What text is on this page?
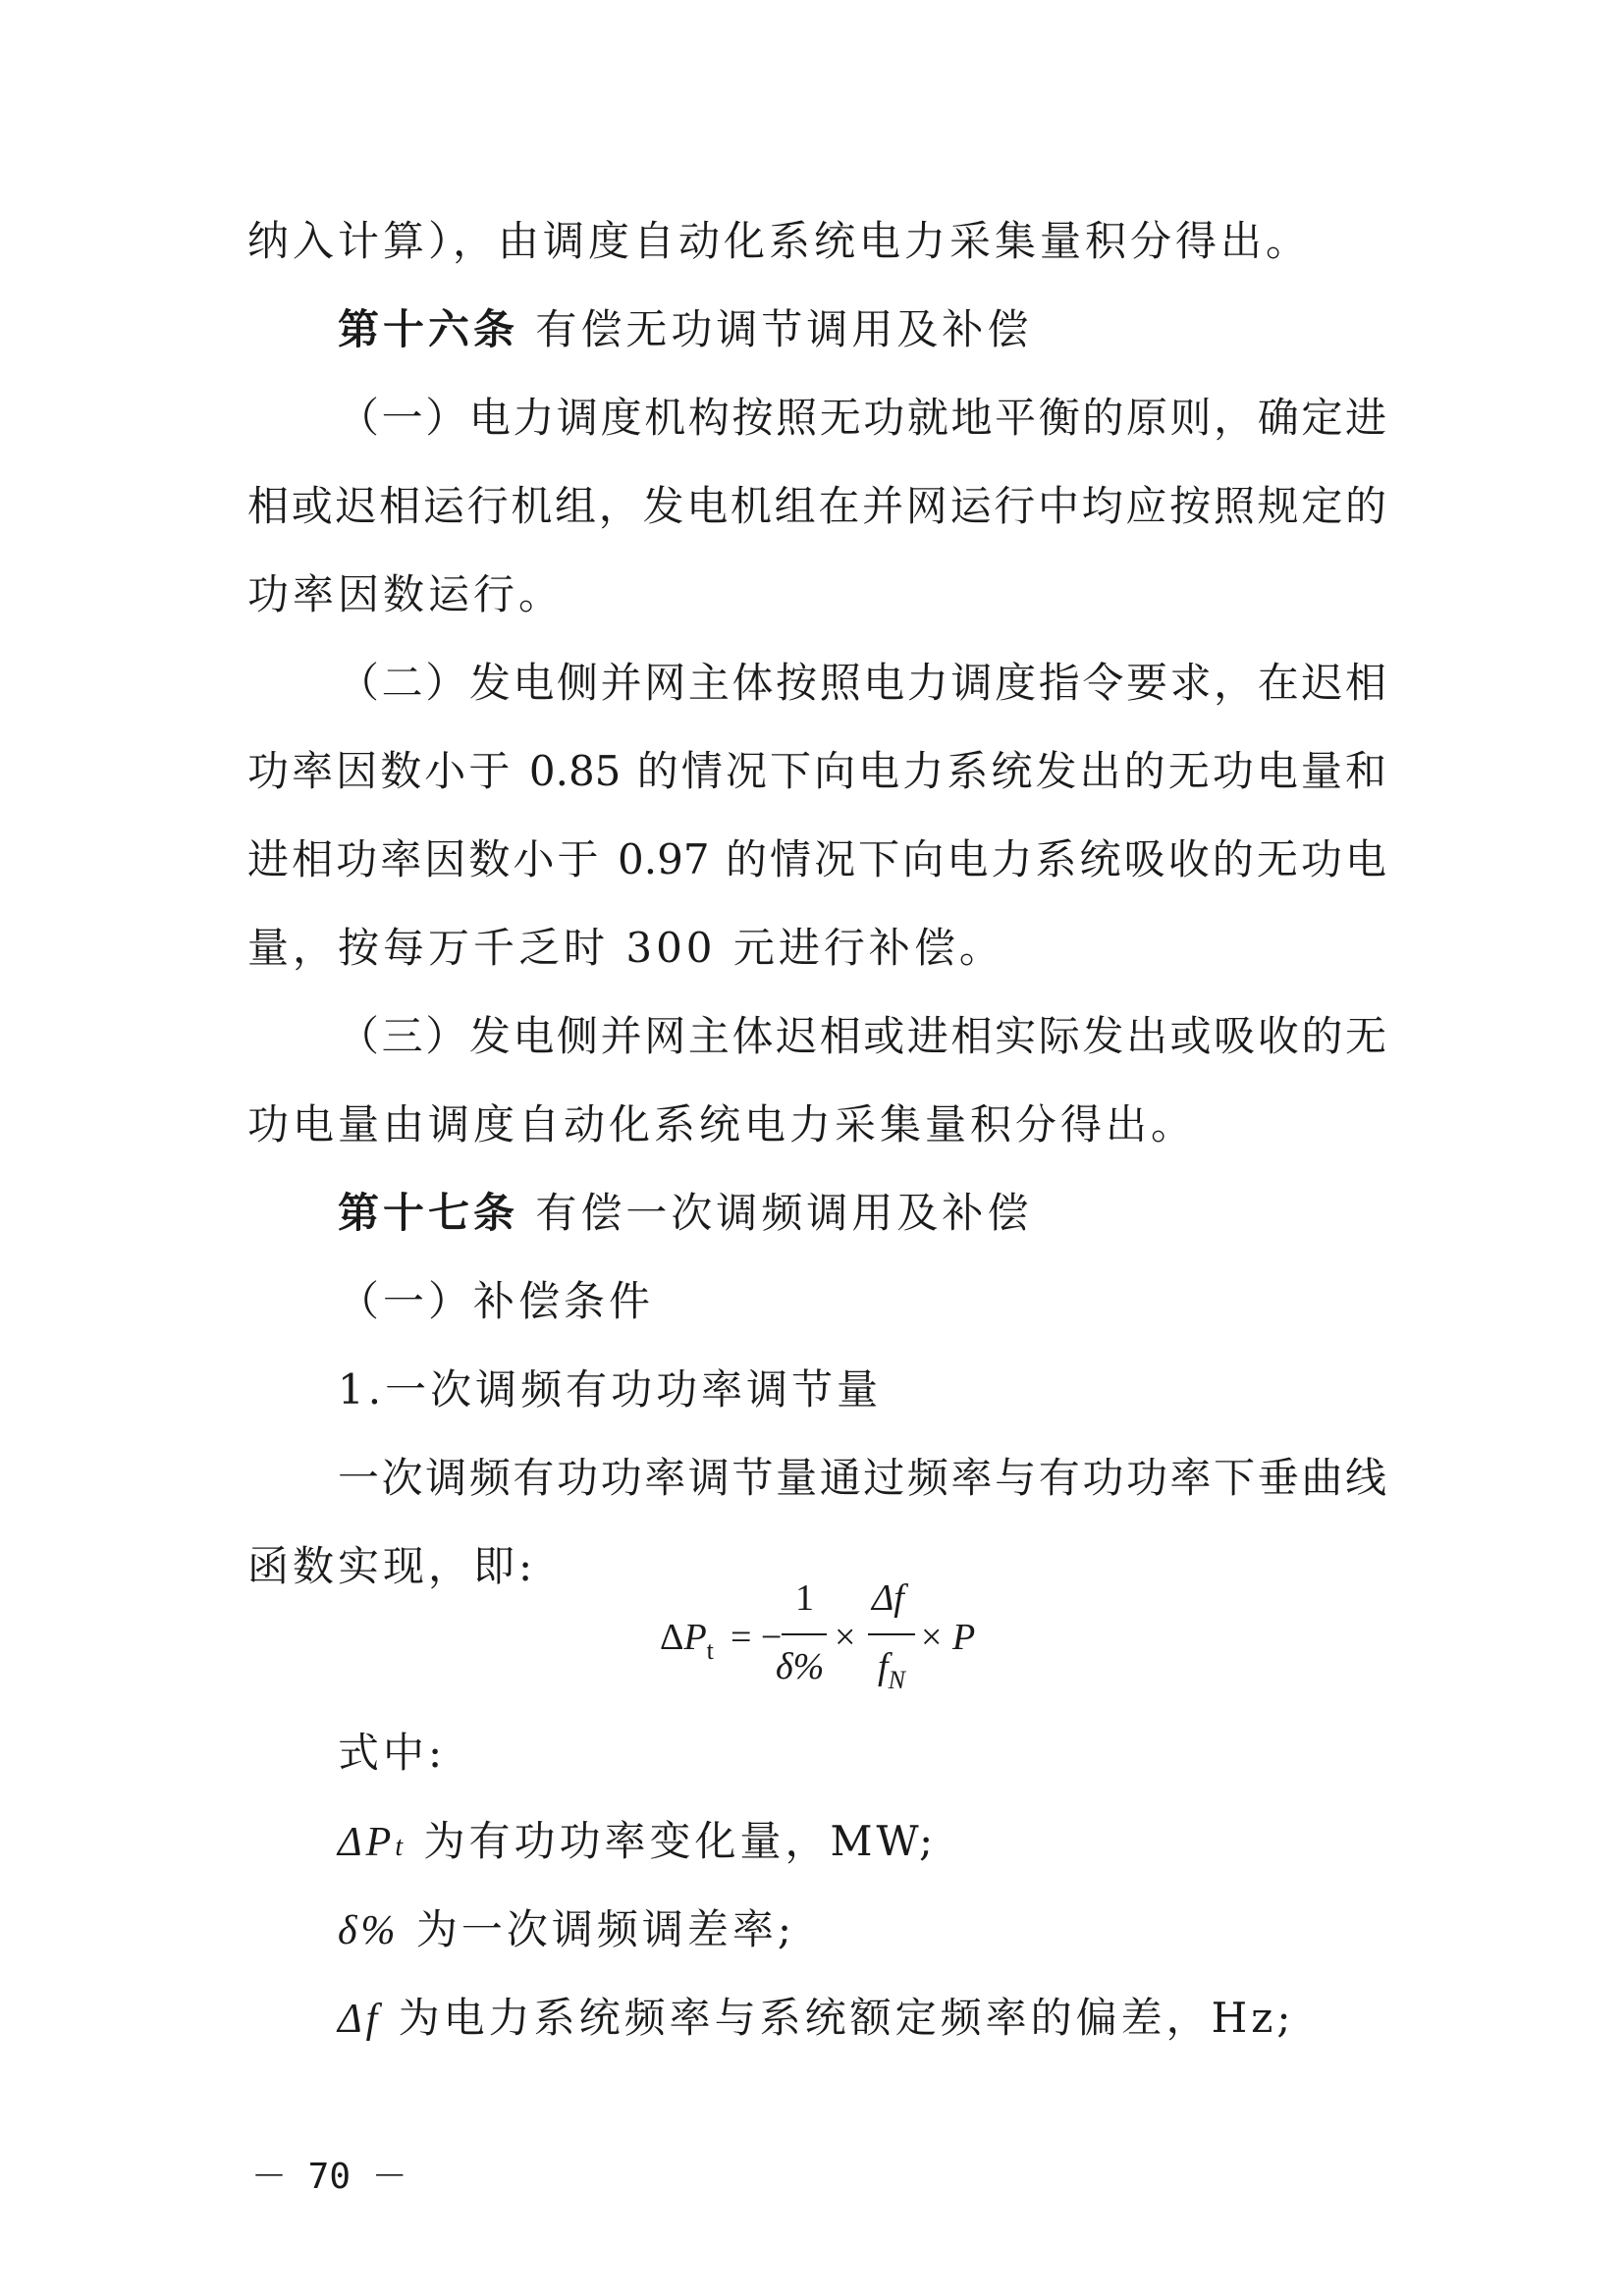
纳入计算），由调度自动化系统电力采集量积分得出。
第十六条 有偿无功调节调用及补偿
（一）电力调度机构按照无功就地平衡的原则，确定进
相或迟相运行机组，发电机组在并网运行中均应按照规定的
功率因数运行。
（二）发电侧并网主体按照电力调度指令要求，在迟相
功率因数小于 0.85 的情况下向电力系统发出的无功电量和
进相功率因数小于 0.97 的情况下向电力系统吸收的无功电
量，按每万千乏时 300 元进行补偿。
（三）发电侧并网主体迟相或进相实际发出或吸收的无
功电量由调度自动化系统电力采集量积分得出。
第十七条 有偿一次调频调用及补偿
（一）补偿条件
1.一次调频有功功率调节量
一次调频有功功率调节量通过频率与有功功率下垂曲线
函数实现，即:
$\Delta P_t$ = −
1
δ%
×
Δf
$f_N$
× P
式中:
ΔPt 为有功功率变化量，MW;
δ% 为一次调频调差率;
Δf 为电力系统频率与系统额定频率的偏差，Hz;
－ 70 －
